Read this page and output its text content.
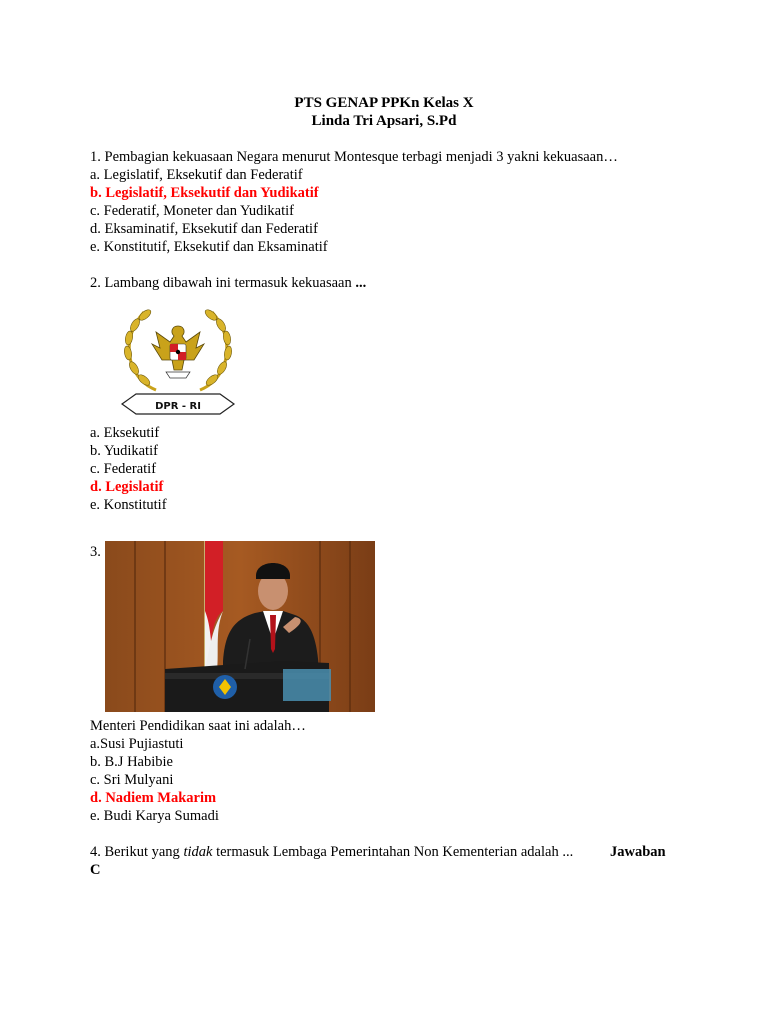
PTS GENAP PPKn Kelas X
Linda Tri Apsari, S.Pd
1. Pembagian kekuasaan Negara menurut Montesque terbagi menjadi 3 yakni kekuasaan…
a. Legislatif, Eksekutif dan Federatif
b. Legislatif, Eksekutif dan Yudikatif
c. Federatif, Moneter dan Yudikatif
d. Eksaminatif, Eksekutif dan Federatif
e. Konstitutif, Eksekutif dan Eksaminatif
2. Lambang dibawah ini termasuk kekuasaan ...
DPR - RI
a. Eksekutif
b. Yudikatif
c. Federatif
d. Legislatif
e. Konstitutif
3.
Menteri Pendidikan saat ini adalah…
a.Susi Pujiastuti
b. B.J Habibie
c. Sri Mulyani
d. Nadiem Makarim
e. Budi Karya Sumadi
4. Berikut yang tidak termasuk Lembaga Pemerintahan Non Kementerian adalah ...	Jawaban
C
